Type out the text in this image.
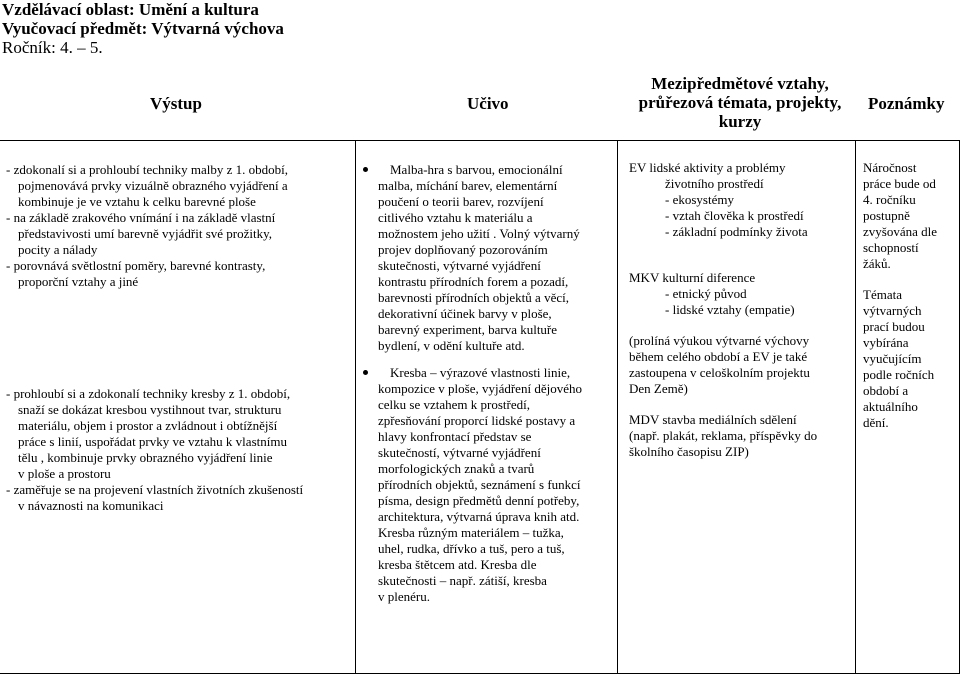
Vzdělávací oblast: Umění a kultura
Vyučovací předmět: Výtvarná výchova
Ročník: 4. – 5.
Výstup	Učivo
Mezipředmětové vztahy,
průřezová témata, projekty,
kurzy
Poznámky
- zdokonalí si a prohloubí techniky malby z 1. období,
pojmenovává prvky vizuálně obrazného vyjádření a
kombinuje je ve vztahu k celku barevné ploše
- na základě zrakového vnímání i na základě vlastní
představivosti umí barevně vyjádřit své prožitky,
pocity a nálady
- porovnává světlostní poměry, barevné kontrasty,
proporční vztahy a jiné
- prohloubí si a zdokonalí techniky kresby z 1. období,
snaží se dokázat kresbou vystihnout tvar, strukturu
materiálu, objem i prostor a zvládnout i obtížnější
práce s linií, uspořádat prvky ve vztahu k vlastnímu
tělu , kombinuje prvky obrazného vyjádření linie
v ploše a prostoru
- zaměřuje se na projevení vlastních životních zkušeností
v návaznosti na komunikaci
Malba-hra s barvou, emocionální
malba, míchání barev, elementární
poučení o teorii barev, rozvíjení
citlivého vztahu k materiálu a
možnostem jeho užití . Volný výtvarný
projev doplňovaný pozorováním
skutečnosti, výtvarné vyjádření
kontrastu přírodních forem a pozadí,
barevnosti přírodních objektů a věcí,
dekorativní účinek barvy v ploše,
barevný experiment, barva kultuře
bydlení, v odění kultuře atd.
Kresba – výrazové vlastnosti linie,
kompozice v ploše, vyjádření dějového
celku se vztahem k prostředí,
zpřesňování proporcí lidské postavy a
hlavy konfrontací představ se
skutečností, výtvarné vyjádření
morfologických znaků a tvarů
přírodních objektů, seznámení s funkcí
písma, design předmětů denní potřeby,
architektura, výtvarná úprava knih atd.
Kresba různým materiálem – tužka,
uhel, rudka, dřívko a tuš, pero a tuš,
kresba štětcem atd. Kresba dle
skutečnosti – např. zátiší, kresba
v plenéru.
EV lidské aktivity a problémy
životního prostředí
- ekosystémy
- vztah člověka k prostředí
- základní podmínky života
MKV kulturní diference
- etnický původ
- lidské vztahy (empatie)
(prolíná výukou výtvarné výchovy
během celého období a EV je také
zastoupena v celoškolním projektu
Den Země)
MDV stavba mediálních sdělení
(např. plakát, reklama, příspěvky do
školního časopisu ZIP)
Náročnost
práce bude od
4. ročníku
postupně
zvyšována dle
schopností
žáků.
Témata
výtvarných
prací budou
vybírána
vyučujícím
podle ročních
období a
aktuálního
dění.
